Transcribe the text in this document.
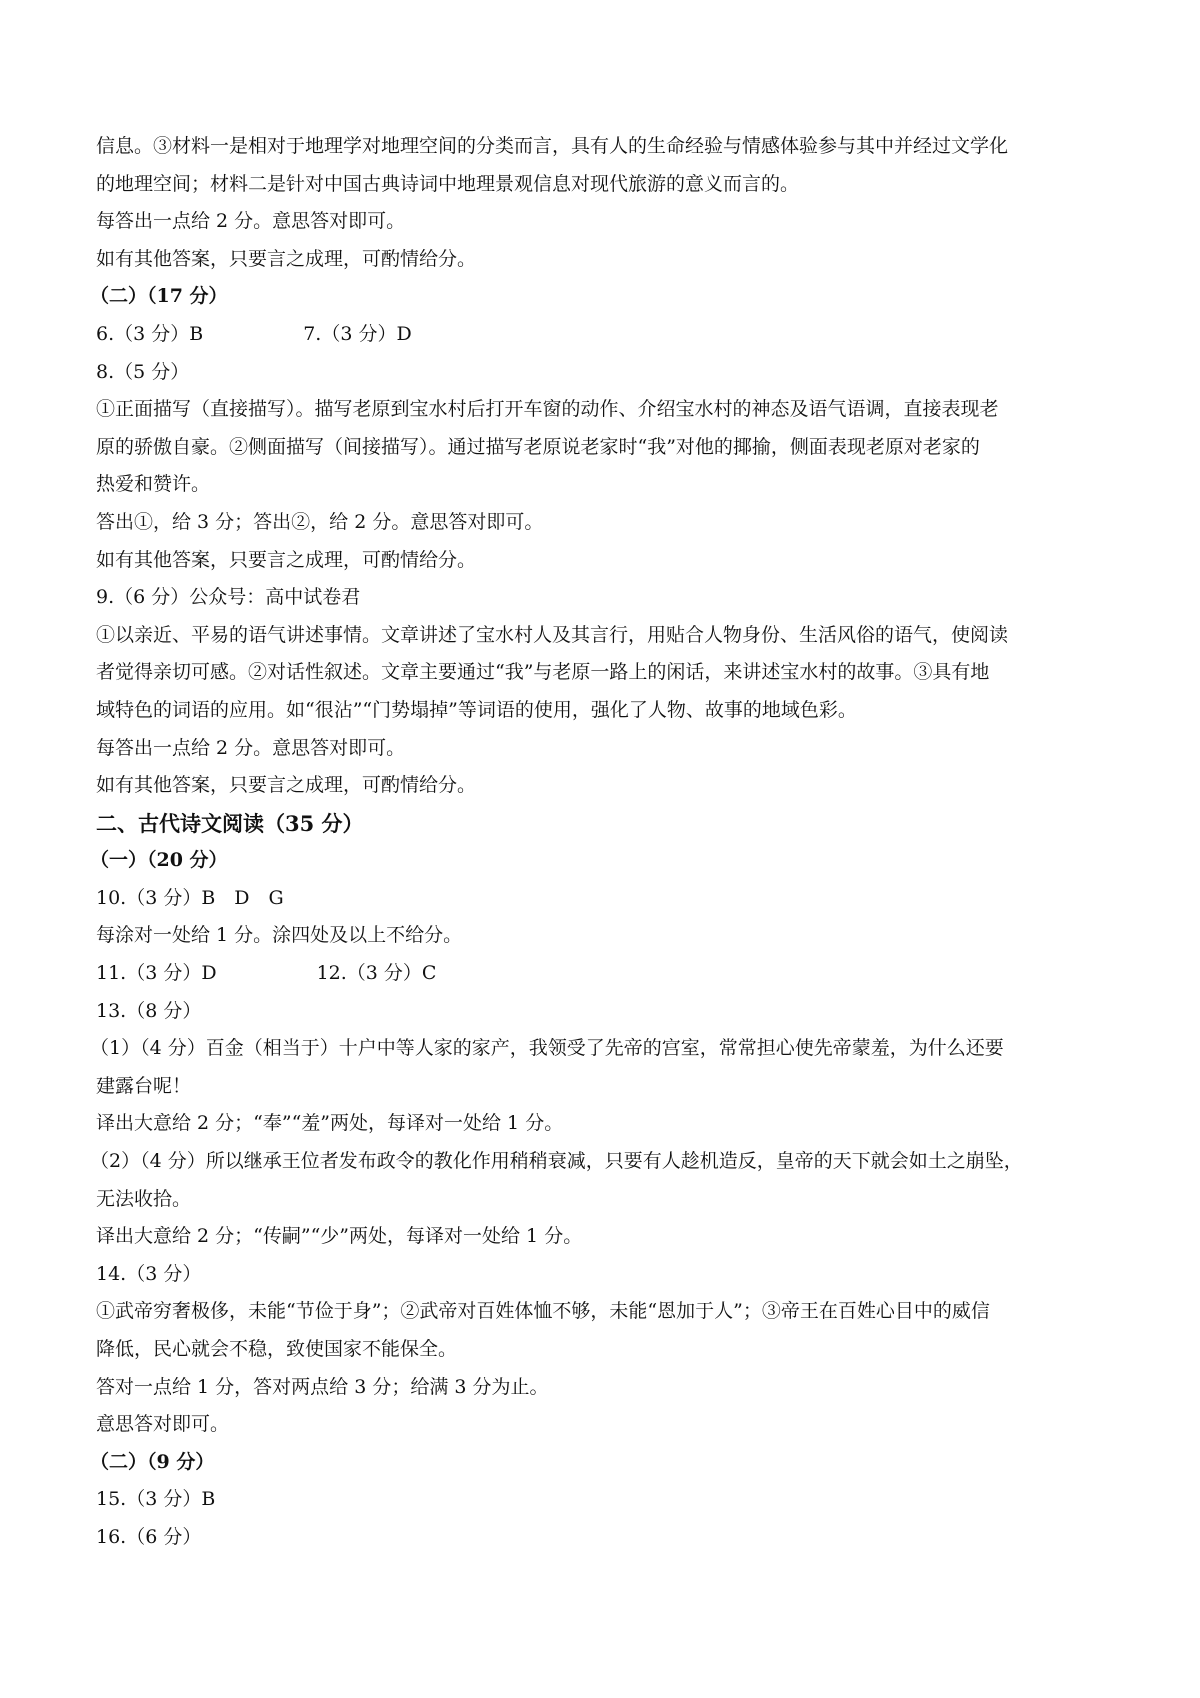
信息。③材料一是相对于地理学对地理空间的分类而言，具有人的生命经验与情感体验参与其中并经过文学化
的地理空间；材料二是针对中国古典诗词中地理景观信息对现代旅游的意义而言的。
每答出一点给 2 分。意思答对即可。
如有其他答案，只要言之成理，可酌情给分。
（二）（17 分）
6.（3 分）B	7.（3 分）D
8.（5 分）
①正面描写（直接描写）。描写老原到宝水村后打开车窗的动作、介绍宝水村的神态及语气语调，直接表现老
原的骄傲自豪。②侧面描写（间接描写）。通过描写老原说老家时“我”对他的揶揄，侧面表现老原对老家的
热爱和赞许。
答出①，给 3 分；答出②，给 2 分。意思答对即可。
如有其他答案，只要言之成理，可酌情给分。
9.（6 分）公众号：高中试卷君
①以亲近、平易的语气讲述事情。文章讲述了宝水村人及其言行，用贴合人物身份、生活风俗的语气，使阅读
者觉得亲切可感。②对话性叙述。文章主要通过“我”与老原一路上的闲话，来讲述宝水村的故事。③具有地
域特色的词语的应用。如“很沾”“门势塌掉”等词语的使用，强化了人物、故事的地域色彩。
每答出一点给 2 分。意思答对即可。
如有其他答案，只要言之成理，可酌情给分。
二、古代诗文阅读（35 分）
（一）（20 分）
10.（3 分）B　D　G
每涂对一处给 1 分。涂四处及以上不给分。
11.（3 分）D	12.（3 分）C
13.（8 分）
（1）（4 分）百金（相当于）十户中等人家的家产，我领受了先帝的宫室，常常担心使先帝蒙羞，为什么还要
建露台呢！
译出大意给 2 分；“奉”“羞”两处，每译对一处给 1 分。
（2）（4 分）所以继承王位者发布政令的教化作用稍稍衰减，只要有人趁机造反，皇帝的天下就会如土之崩坠，
无法收拾。
译出大意给 2 分；“传嗣”“少”两处，每译对一处给 1 分。
14.（3 分）
①武帝穷奢极侈，未能“节俭于身”；②武帝对百姓体恤不够，未能“恩加于人”；③帝王在百姓心目中的威信
降低，民心就会不稳，致使国家不能保全。
答对一点给 1 分，答对两点给 3 分；给满 3 分为止。
意思答对即可。
（二）（9 分）
15.（3 分）B
16.（6 分）
